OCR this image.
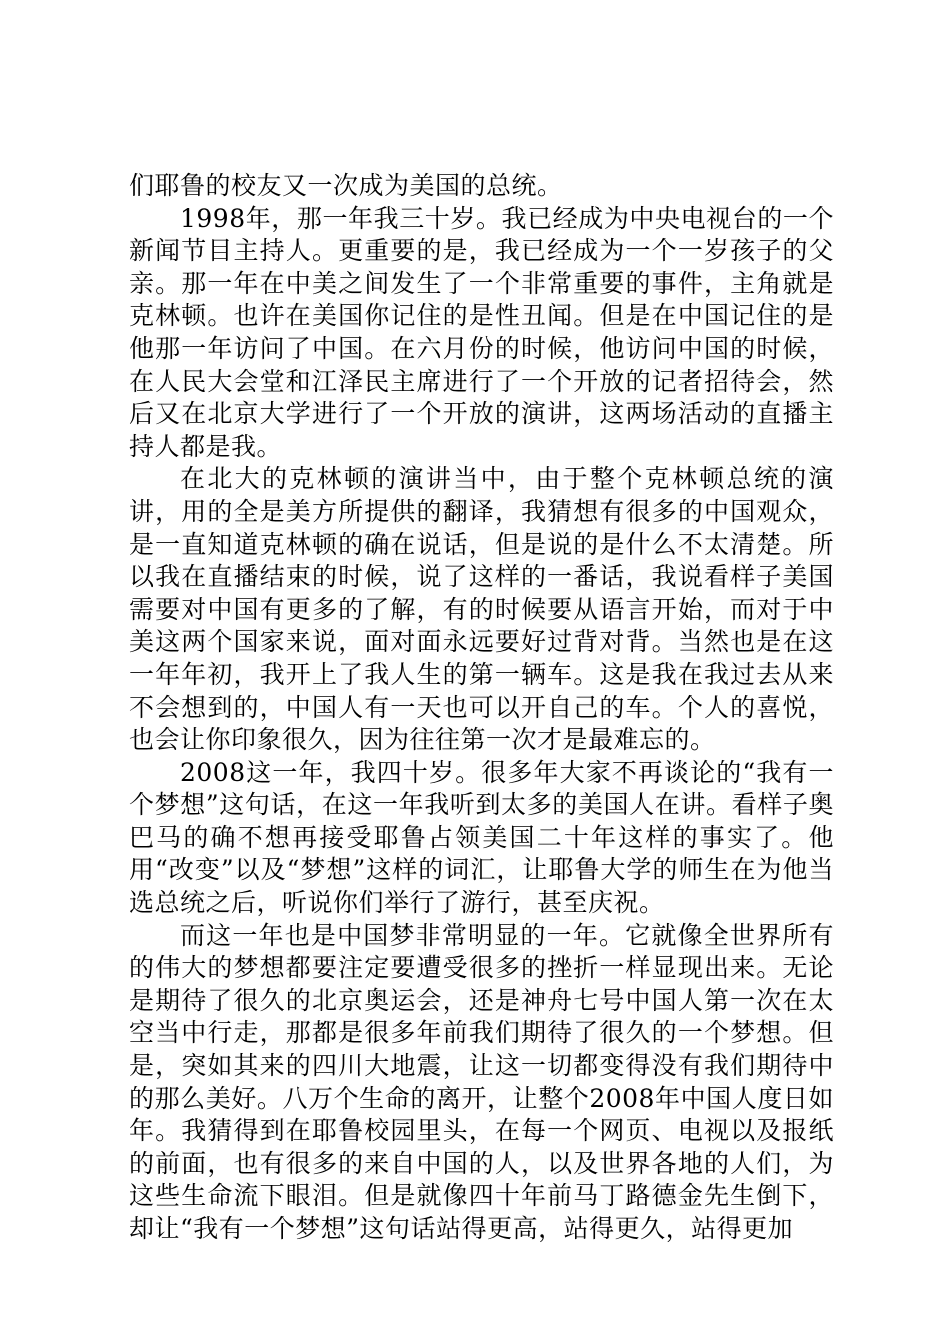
们耶鲁的校友又一次成为美国的总统。

1998年，那一年我三十岁。我已经成为中央电视台的一个新闻节目主持人。更重要的是，我已经成为一个一岁孩子的父亲。那一年在中美之间发生了一个非常重要的事件，主角就是克林顿。也许在美国你记住的是性丑闻。但是在中国记住的是他那一年访问了中国。在六月份的时候，他访问中国的时候，在人民大会堂和江泽民主席进行了一个开放的记者招待会，然后又在北京大学进行了一个开放的演讲，这两场活动的直播主持人都是我。

在北大的克林顿的演讲当中，由于整个克林顿总统的演讲，用的全是美方所提供的翻译，我猜想有很多的中国观众，是一直知道克林顿的确在说话，但是说的是什么不太清楚。所以我在直播结束的时候，说了这样的一番话，我说看样子美国需要对中国有更多的了解，有的时候要从语言开始，而对于中美这两个国家来说，面对面永远要好过背对背。当然也是在这一年年初，我开上了我人生的第一辆车。这是我在我过去从来不会想到的，中国人有一天也可以开自己的车。个人的喜悦，也会让你印象很久，因为往往第一次才是最难忘的。

2008这一年，我四十岁。很多年大家不再谈论的“我有一个梦想”这句话，在这一年我听到太多的美国人在讲。看样子奥巴马的确不想再接受耶鲁占领美国二十年这样的事实了。他用“改变”以及“梦想”这样的词汇，让耶鲁大学的师生在为他当选总统之后，听说你们举行了游行，甚至庆祝。

而这一年也是中国梦非常明显的一年。它就像全世界所有的伟大的梦想都要注定要遭受很多的挫折一样显现出来。无论是期待了很久的北京奥运会，还是神舟七号中国人第一次在太空当中行走，那都是很多年前我们期待了很久的一个梦想。但是，突如其来的四川大地震，让这一切都变得没有我们期待中的那么美好。八万个生命的离开，让整个2008年中国人度日如年。我猜得到在耶鲁校园里头，在每一个网页、电视以及报纸的前面，也有很多的来自中国的人，以及世界各地的人们，为这些生命流下眼泪。但是就像四十年前马丁路德金先生倒下，却让“我有一个梦想”这句话站得更高，站得更久，站得更加
